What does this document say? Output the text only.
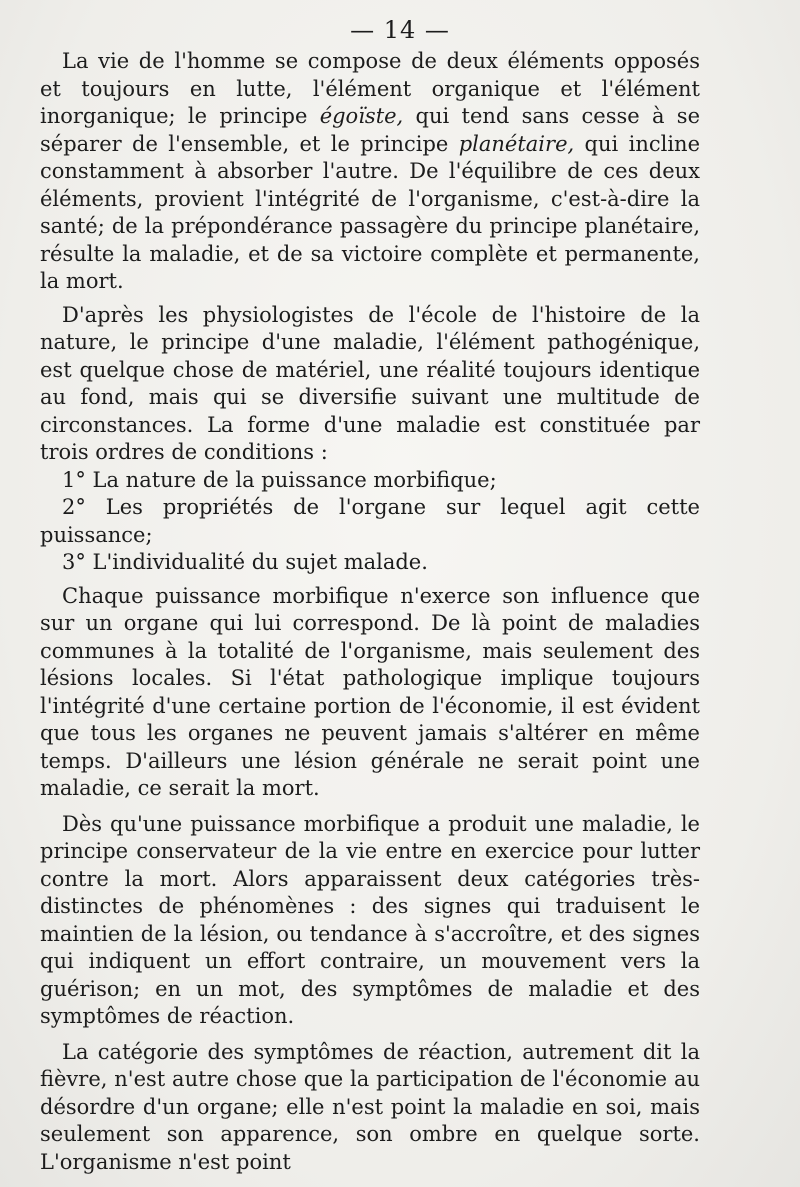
— 14 —

La vie de l'homme se compose de deux éléments opposés et toujours en lutte, l'élément organique et l'élément inorganique; le principe égoïste, qui tend sans cesse à se séparer de l'ensemble, et le principe planétaire, qui incline constamment à absorber l'autre. De l'équilibre de ces deux éléments, provient l'intégrité de l'organisme, c'est-à-dire la santé; de la prépondérance passagère du principe planétaire, résulte la maladie, et de sa victoire complète et permanente, la mort.

D'après les physiologistes de l'école de l'histoire de la nature, le principe d'une maladie, l'élément pathogénique, est quelque chose de matériel, une réalité toujours identique au fond, mais qui se diversifie suivant une multitude de circonstances. La forme d'une maladie est constituée par trois ordres de conditions :

1° La nature de la puissance morbifique;

2° Les propriétés de l'organe sur lequel agit cette puissance;

3° L'individualité du sujet malade.

Chaque puissance morbifique n'exerce son influence que sur un organe qui lui correspond. De là point de maladies communes à la totalité de l'organisme, mais seulement des lésions locales. Si l'état pathologique implique toujours l'intégrité d'une certaine portion de l'économie, il est évident que tous les organes ne peuvent jamais s'altérer en même temps. D'ailleurs une lésion générale ne serait point une maladie, ce serait la mort.

Dès qu'une puissance morbifique a produit une maladie, le principe conservateur de la vie entre en exercice pour lutter contre la mort. Alors apparaissent deux catégories très-distinctes de phénomènes : des signes qui traduisent le maintien de la lésion, ou tendance à s'accroître, et des signes qui indiquent un effort contraire, un mouvement vers la guérison; en un mot, des symptômes de maladie et des symptômes de réaction.

La catégorie des symptômes de réaction, autrement dit la fièvre, n'est autre chose que la participation de l'économie au désordre d'un organe; elle n'est point la maladie en soi, mais seulement son apparence, son ombre en quelque sorte. L'organisme n'est point
